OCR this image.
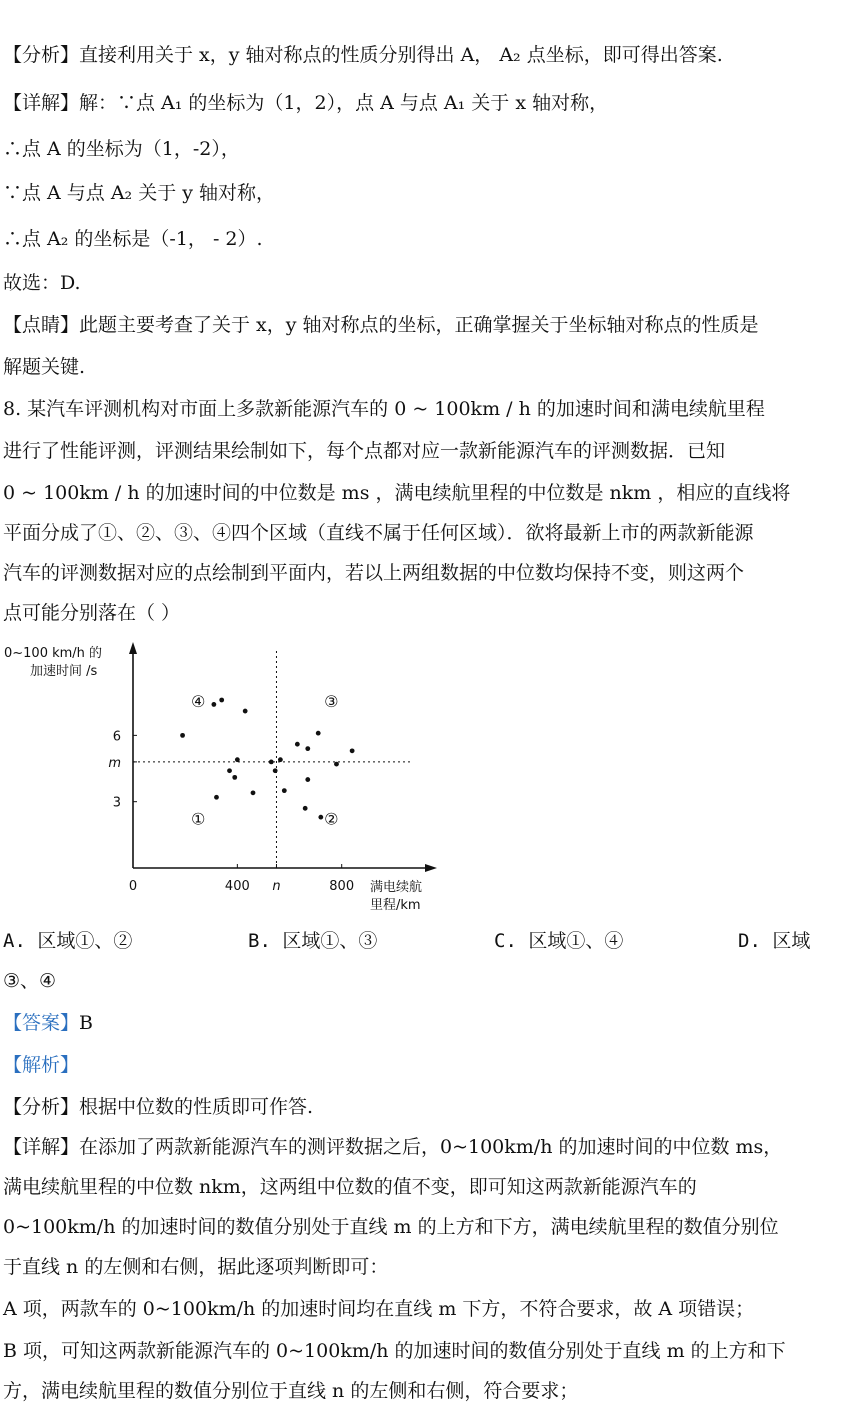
【分析】直接利用关于 x，y 轴对称点的性质分别得出 A， A₂ 点坐标，即可得出答案.
【详解】解：∵点 A₁ 的坐标为（1，2），点 A 与点 A₁ 关于 x 轴对称，
∴点 A 的坐标为（1，-2），
∵点 A 与点 A₂ 关于 y 轴对称，
∴点 A₂ 的坐标是（-1， - 2）.
故选：D.
【点睛】此题主要考查了关于 x，y 轴对称点的坐标，正确掌握关于坐标轴对称点的性质是
解题关键.
8. 某汽车评测机构对市面上多款新能源汽车的 0 ~ 100km / h 的加速时间和满电续航里程
进行了性能评测，评测结果绘制如下，每个点都对应一款新能源汽车的评测数据．已知
0 ~ 100km / h 的加速时间的中位数是 ms ，满电续航里程的中位数是 nkm ，相应的直线将
平面分成了①、②、③、④四个区域（直线不属于任何区域）．欲将最新上市的两款新能源
汽车的评测数据对应的点绘制到平面内，若以上两组数据的中位数均保持不变，则这两个
点可能分别落在（ ）
0~100 km/h 的
加速时间 /s
满电续航
里程/km
0	400 n	800
6
m
3
④	③
①	②
A. 区域①、②	B. 区域①、③	C. 区域①、④	D. 区域
③、④
【答案】B
【解析】
【分析】根据中位数的性质即可作答.
【详解】在添加了两款新能源汽车的测评数据之后，0~100km/h 的加速时间的中位数 ms，
满电续航里程的中位数 nkm，这两组中位数的值不变，即可知这两款新能源汽车的
0~100km/h 的加速时间的数值分别处于直线 m 的上方和下方，满电续航里程的数值分别位
于直线 n 的左侧和右侧，据此逐项判断即可：
A 项，两款车的 0~100km/h 的加速时间均在直线 m 下方，不符合要求，故 A 项错误；
B 项，可知这两款新能源汽车的 0~100km/h 的加速时间的数值分别处于直线 m 的上方和下
方，满电续航里程的数值分别位于直线 n 的左侧和右侧，符合要求；
